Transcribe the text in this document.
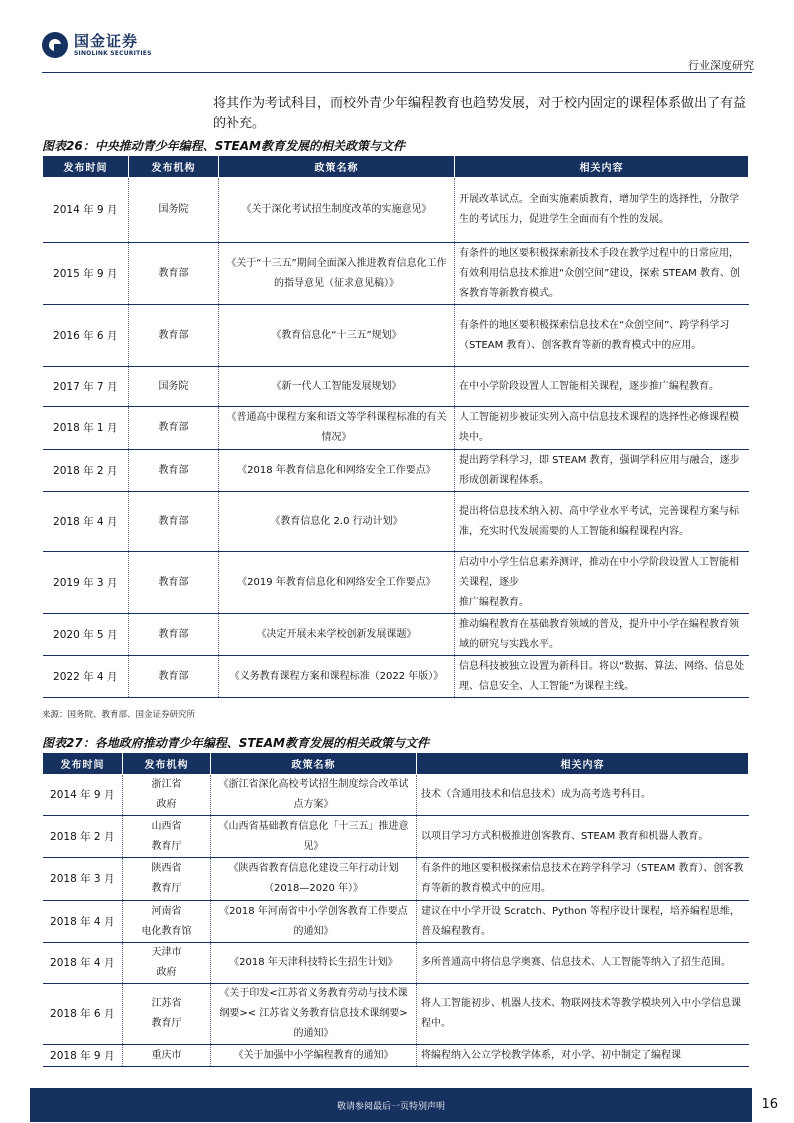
国金证券
SINOLINK SECURITIES
行业深度研究
将其作为考试科目，而校外青少年编程教育也趋势发展，对于校内固定的课程体系做出了有益的补充。
图表26：中央推动青少年编程、STEAM教育发展的相关政策与文件
发布时间	发布机构	政策名称	相关内容
2014 年 9 月	国务院	《关于深化考试招生制度改革的实施意见》	开展改革试点。全面实施素质教育，增加学生的选择性，分散学生的考试压力，促进学生全面而有个性的发展。
2015 年 9 月	教育部	《关于“十三五”期间全面深入推进教育信息化工作的指导意见（征求意见稿）》	有条件的地区要积极探索新技术手段在教学过程中的日常应用，有效利用信息技术推进“众创空间”建设，探索 STEAM 教育、创客教育等新教育模式。
2016 年 6 月	教育部	《教育信息化“十三五”规划》	有条件的地区要积极探索信息技术在“众创空间”、跨学科学习（STEAM 教育）、创客教育等新的教育模式中的应用。
2017 年 7 月	国务院	《新一代人工智能发展规划》	在中小学阶段设置人工智能相关课程，逐步推广编程教育。
2018 年 1 月	教育部	《普通高中课程方案和语文等学科课程标准的有关情况》	人工智能初步被证实列入高中信息技术课程的选择性必修课程模块中。
2018 年 2 月	教育部	《2018 年教育信息化和网络安全工作要点》	提出跨学科学习，即 STEAM 教育，强调学科应用与融合，逐步形成创新课程体系。
2018 年 4 月	教育部	《教育信息化 2.0 行动计划》	提出将信息技术纳入初、高中学业水平考试，完善课程方案与标准，充实时代发展需要的人工智能和编程课程内容。
2019 年 3 月	教育部	《2019 年教育信息化和网络安全工作要点》	启动中小学生信息素养测评，推动在中小学阶段设置人工智能相关课程，逐步
推广编程教育。
2020 年 5 月	教育部	《决定开展未来学校创新发展课题》	推动编程教育在基础教育领域的普及，提升中小学在编程教育领域的研究与实践水平。
2022 年 4 月	教育部	《义务教育课程方案和课程标准（2022 年版）》	信息科技被独立设置为新科目。将以“数据、算法、网络、信息处理、信息安全、人工智能”为课程主线。
来源：国务院、教育部、国金证券研究所
图表27：各地政府推动青少年编程、STEAM教育发展的相关政策与文件
发布时间	发布机构	政策名称	相关内容
2014 年 9 月	浙江省
政府	《浙江省深化高校考试招生制度综合改革试点方案》	技术（含通用技术和信息技术）成为高考选考科目。
2018 年 2 月	山西省
教育厅	《山西省基础教育信息化「十三五」推进意见》	以项目学习方式积极推进创客教育、STEAM 教育和机器人教育。
2018 年 3 月	陕西省
教育厅	《陕西省教育信息化建设三年行动计划（2018—2020 年）》	有条件的地区要积极探索信息技术在跨学科学习（STEAM 教育）、创客教育等新的教育模式中的应用。
2018 年 4 月	河南省
电化教育馆	《2018 年河南省中小学创客教育工作要点的通知》	建议在中小学开设 Scratch、Python 等程序设计课程，培养编程思维，普及编程教育。
2018 年 4 月	天津市
政府	《2018 年天津科技特长生招生计划》	多所普通高中将信息学奥赛、信息技术、人工智能等纳入了招生范围。
2018 年 6 月	江苏省
教育厅	《关于印发<江苏省义务教育劳动与技术课纲要>< 江苏省义务教育信息技术课纲要>的通知》	将人工智能初步、机器人技术、物联网技术等教学模块列入中小学信息课程中。
2018 年 9 月	重庆市	《关于加强中小学编程教育的通知》	将编程纳入公立学校教学体系，对小学、初中制定了编程课
敬请参阅最后一页特别声明	16
